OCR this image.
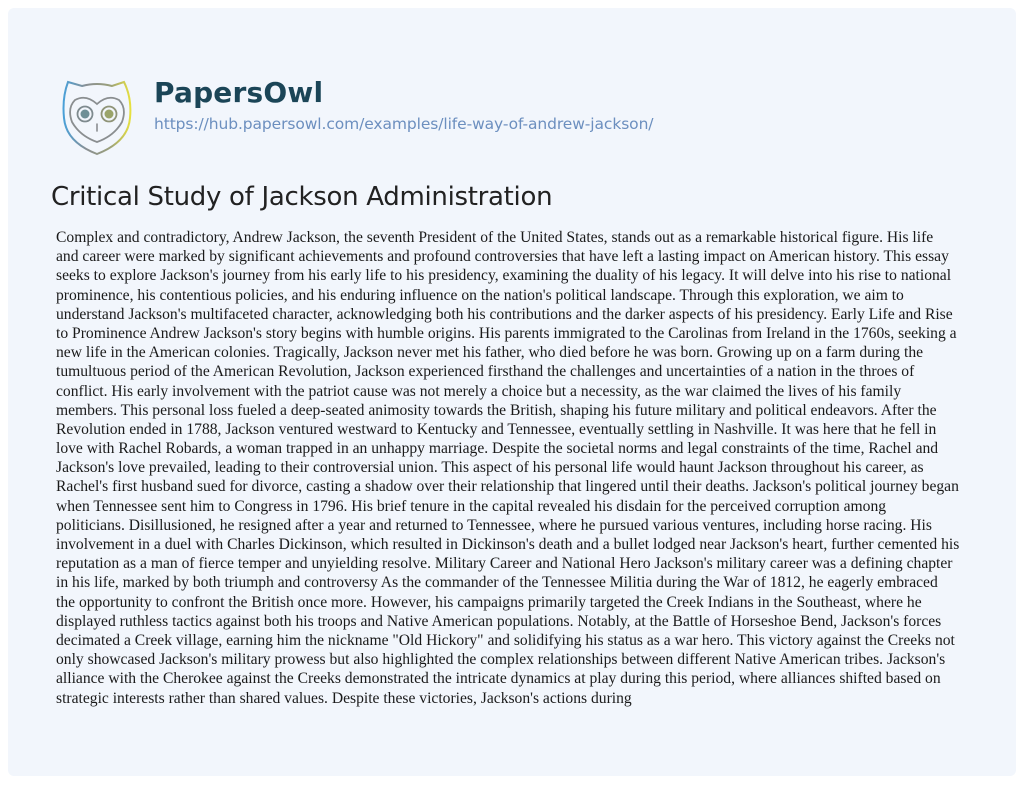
PapersOwl
https://hub.papersowl.com/examples/life-way-of-andrew-jackson/
Critical Study of Jackson Administration
Complex and contradictory, Andrew Jackson, the seventh President of the United States, stands out as a remarkable historical figure. His life
and career were marked by significant achievements and profound controversies that have left a lasting impact on American history. This essay
seeks to explore Jackson's journey from his early life to his presidency, examining the duality of his legacy. It will delve into his rise to national
prominence, his contentious policies, and his enduring influence on the nation's political landscape. Through this exploration, we aim to
understand Jackson's multifaceted character, acknowledging both his contributions and the darker aspects of his presidency. Early Life and Rise
to Prominence Andrew Jackson's story begins with humble origins. His parents immigrated to the Carolinas from Ireland in the 1760s, seeking a
new life in the American colonies. Tragically, Jackson never met his father, who died before he was born. Growing up on a farm during the
tumultuous period of the American Revolution, Jackson experienced firsthand the challenges and uncertainties of a nation in the throes of
conflict. His early involvement with the patriot cause was not merely a choice but a necessity, as the war claimed the lives of his family
members. This personal loss fueled a deep-seated animosity towards the British, shaping his future military and political endeavors. After the
Revolution ended in 1788, Jackson ventured westward to Kentucky and Tennessee, eventually settling in Nashville. It was here that he fell in
love with Rachel Robards, a woman trapped in an unhappy marriage. Despite the societal norms and legal constraints of the time, Rachel and
Jackson's love prevailed, leading to their controversial union. This aspect of his personal life would haunt Jackson throughout his career, as
Rachel's first husband sued for divorce, casting a shadow over their relationship that lingered until their deaths. Jackson's political journey began
when Tennessee sent him to Congress in 1796. His brief tenure in the capital revealed his disdain for the perceived corruption among
politicians. Disillusioned, he resigned after a year and returned to Tennessee, where he pursued various ventures, including horse racing. His
involvement in a duel with Charles Dickinson, which resulted in Dickinson's death and a bullet lodged near Jackson's heart, further cemented his
reputation as a man of fierce temper and unyielding resolve. Military Career and National Hero Jackson's military career was a defining chapter
in his life, marked by both triumph and controversy As the commander of the Tennessee Militia during the War of 1812, he eagerly embraced
the opportunity to confront the British once more. However, his campaigns primarily targeted the Creek Indians in the Southeast, where he
displayed ruthless tactics against both his troops and Native American populations. Notably, at the Battle of Horseshoe Bend, Jackson's forces
decimated a Creek village, earning him the nickname "Old Hickory" and solidifying his status as a war hero. This victory against the Creeks not
only showcased Jackson's military prowess but also highlighted the complex relationships between different Native American tribes. Jackson's
alliance with the Cherokee against the Creeks demonstrated the intricate dynamics at play during this period, where alliances shifted based on
strategic interests rather than shared values. Despite these victories, Jackson's actions during
